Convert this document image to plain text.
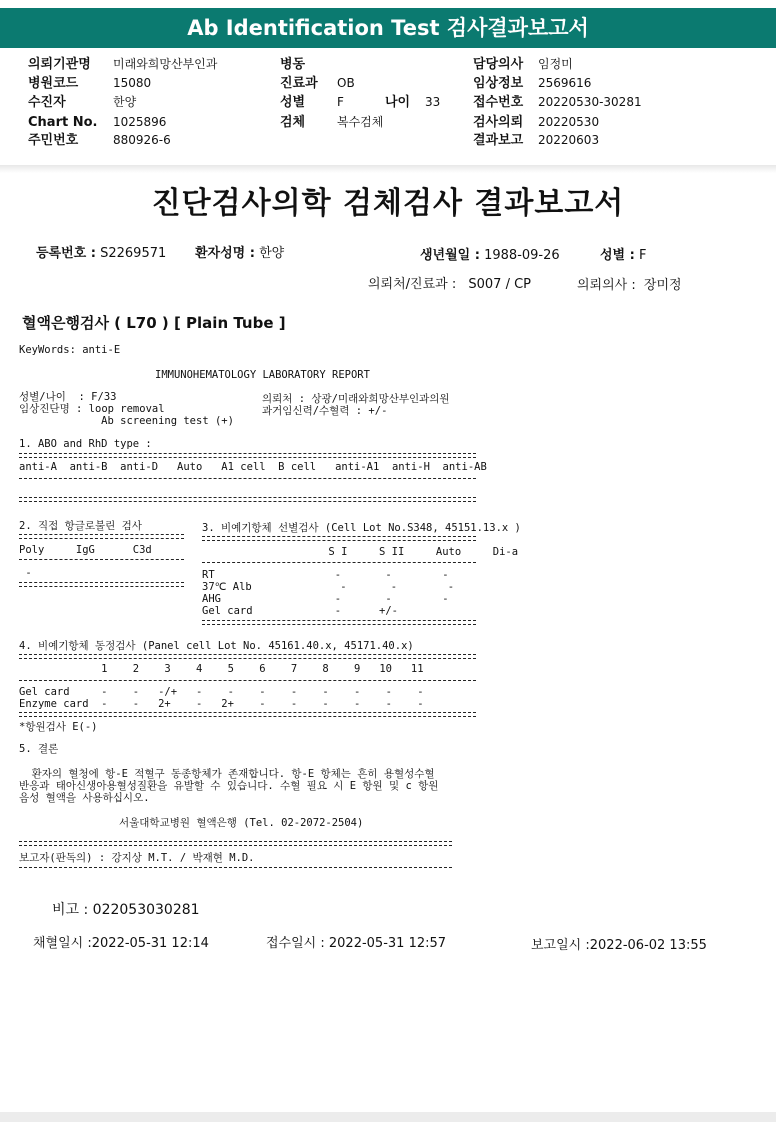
Ab Identification Test 검사결과보고서
의뢰기관명	미래와희망산부인과
병원코드	15080
수진자	한양
Chart No.	1025896
주민번호	880926-6
병동
진료과	OB
성별	F	나이	33
검체	복수검체
담당의사	임정미
임상정보	2569616
접수번호	20220530-30281
검사의뢰	20220530
결과보고	20220603
진단검사의학 검체검사 결과보고서
등록번호 : S2269571 환자성명 : 한양	생년월일 : 1988-09-26	성별 : F
의뢰처/진료과 : S007 / CP	의뢰의사 : 장미정
혈액은행검사 ( L70 ) [ Plain Tube ]
KeyWords: anti-E
IMMUNOHEMATOLOGY LABORATORY REPORT
성별/나이  : F/33
임상진단명 : loop removal
Ab screening test (+)
의뢰처 : 상광/미래와희망산부인과의원
과거임신력/수혈력 : +/-
1. ABO and RhD type :
anti-A  anti-B  anti-D   Auto   A1 cell  B cell   anti-A1  anti-H  anti-AB
2. 직접 항글로불린 검사
Poly     IgG      C3d
-
3. 비예기항체 선별검사 (Cell Lot No.S348, 45151.13.x )
S I     S II     Auto     Di-a
RT                   -       -        -
37℃ Alb              -       -        -
AHG                  -       -        -
Gel card             -      +/-
4. 비예기항체 동정검사 (Panel cell Lot No. 45161.40.x, 45171.40.x)
1    2    3    4    5    6    7    8    9   10   11
Gel card     -    -   -/+   -    -    -    -    -    -    -    -
Enzyme card  -    -   2+    -   2+    -    -    -    -    -    -
*항원검사 E(-)
5. 결론
환자의 혈청에 항-E 적혈구 동종항체가 존재합니다. 항-E 항체는 흔히 용혈성수혈
반응과 태아신생아용혈성질환을 유발할 수 있습니다. 수혈 필요 시 E 항원 및 c 항원
음성 혈액을 사용하십시오.
서울대학교병원 혈액은행 (Tel. 02-2072-2504)
보고자(판독의) : 강지상 M.T. / 박재현 M.D.
비고 : 022053030281
채혈일시 :2022-05-31 12:14	접수일시 : 2022-05-31 12:57	보고일시 :2022-06-02 13:55
